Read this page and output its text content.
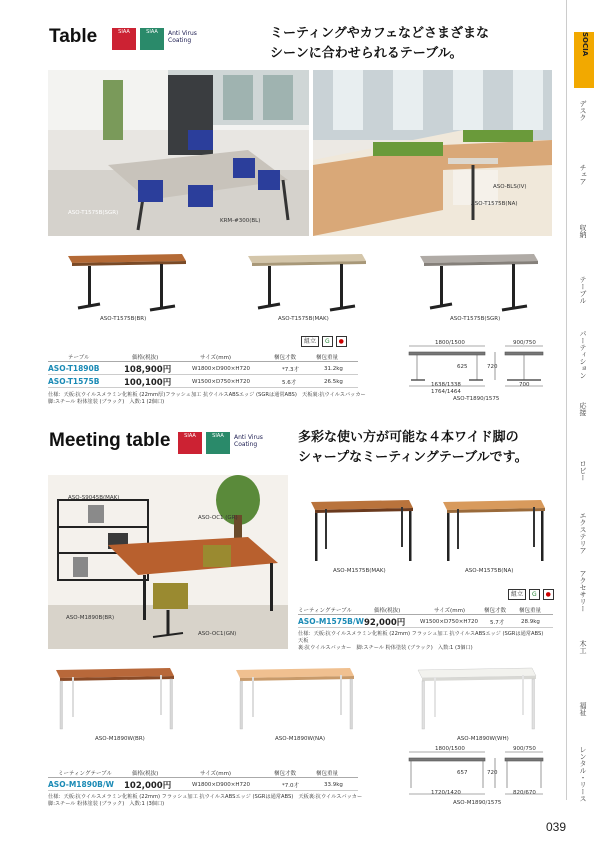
Table	SIAA	SIAA	Anti Virus Coating	ミーティングやカフェなどさまざまな
シーンに合わせられるテーブル。
ASO-T1575B(SGR)
KRM-#300(BL)
ASO-BLS(IV)
ASO-T1575B(NA)
ASO-T1575B(BR)	ASO-T1575B(MAK)	ASO-T1575B(SGR)
組立	G	●
テーブル	価格(税抜)	サイズ(mm)	梱包才数	梱包重量
ASO-T1890B	108,900円	W1800×D900×H720	*7.3才	31.2kg
ASO-T1575B	100,100円	W1500×D750×H720	5.6才	26.5kg
仕様：天板:抗ウイルスメラミン化粧板 (22mm厚)フラッシュ加工 抗ウイルスABSエッジ (SGRは通常ABS)　天板裏:抗ウイルスバッカー
脚:スチール 粉体塗装 (ブラック)　入数:1 (2個口)
1800/1500	900/750
625	720
1638/1338
1764/1464
700
ASO-T1890/1575
Meeting table	SIAA	SIAA	Anti Virus Coating	多彩な使い方が可能な４本ワイド脚の
シャープなミーティングテーブルです。
ASO-S9045B(MAK)
ASO-OC1 (GR)
ASO-M1890B(BR)
ASO-OC1(GN)
ASO-M1575B(MAK)	ASO-M1575B(NA)
組立	G	●
ミーティングテーブル	価格(税抜)	サイズ(mm)	梱包才数	梱包重量
ASO-M1575B/W 92,000円	W1500×D750×H720	5.7才	28.9kg
仕様：天板:抗ウイルスメラミン化粧板 (22mm) フラッシュ加工 抗ウイルスABSエッジ (SGRは通常ABS)　天板
裏:抗ウイルスバッカー　脚:スチール 粉体塗装 (ブラック)　入数:1 (3個口)
ASO-M1890W(BR)	ASO-M1890W(NA)	ASO-M1890W(WH)
ミーティングテーブル	価格(税抜)	サイズ(mm)	梱包才数	梱包重量
ASO-M1890B/W	102,000円	W1800×D900×H720	*7.0才	33.9kg
仕様：天板:抗ウイルスメラミン化粧板 (22mm) フラッシュ加工 抗ウイルスABSエッジ (SGRは通常ABS)　天板裏:抗ウイルスバッカー
脚:スチール 粉体塗装 (ブラック)　入数:1 (3個口)
1800/1500	900/750
657	720
1720/1420	820/670
ASO-M1890/1575
SOCIA
デスク
チェア
収納
テーブル
パーティション
応接
ロビー
エクステリア
アクセサリー
木工
福祉
レンタル・リース
039
